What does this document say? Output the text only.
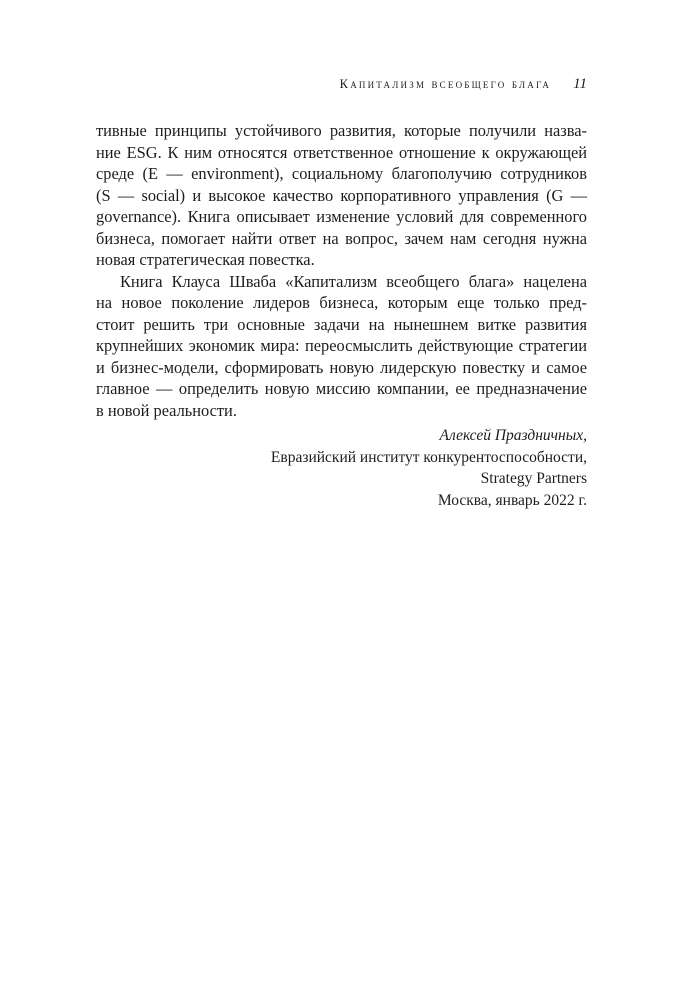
Капитализм всеобщего блага 11

тивные принципы устойчивого развития, которые получили назва-
ние ESG. К ним относятся ответственное отношение к окружающей
среде (E — environment), социальному благополучию сотрудников
(S — social) и высокое качество корпоративного управления (G —
governance). Книга описывает изменение условий для современного
бизнеса, помогает найти ответ на вопрос, зачем нам сегодня нужна
новая стратегическая повестка.

Книга Клауса Шваба «Капитализм всеобщего блага» нацелена
на новое поколение лидеров бизнеса, которым еще только пред-
стоит решить три основные задачи на нынешнем витке развития
крупнейших экономик мира: переосмыслить действующие стратегии
и бизнес-модели, сформировать новую лидерскую повестку и самое
главное — определить новую миссию компании, ее предназначение
в новой реальности.

Алексей Праздничных,
Евразийский институт конкурентоспособности,
Strategy Partners
Москва, январь 2022 г.
